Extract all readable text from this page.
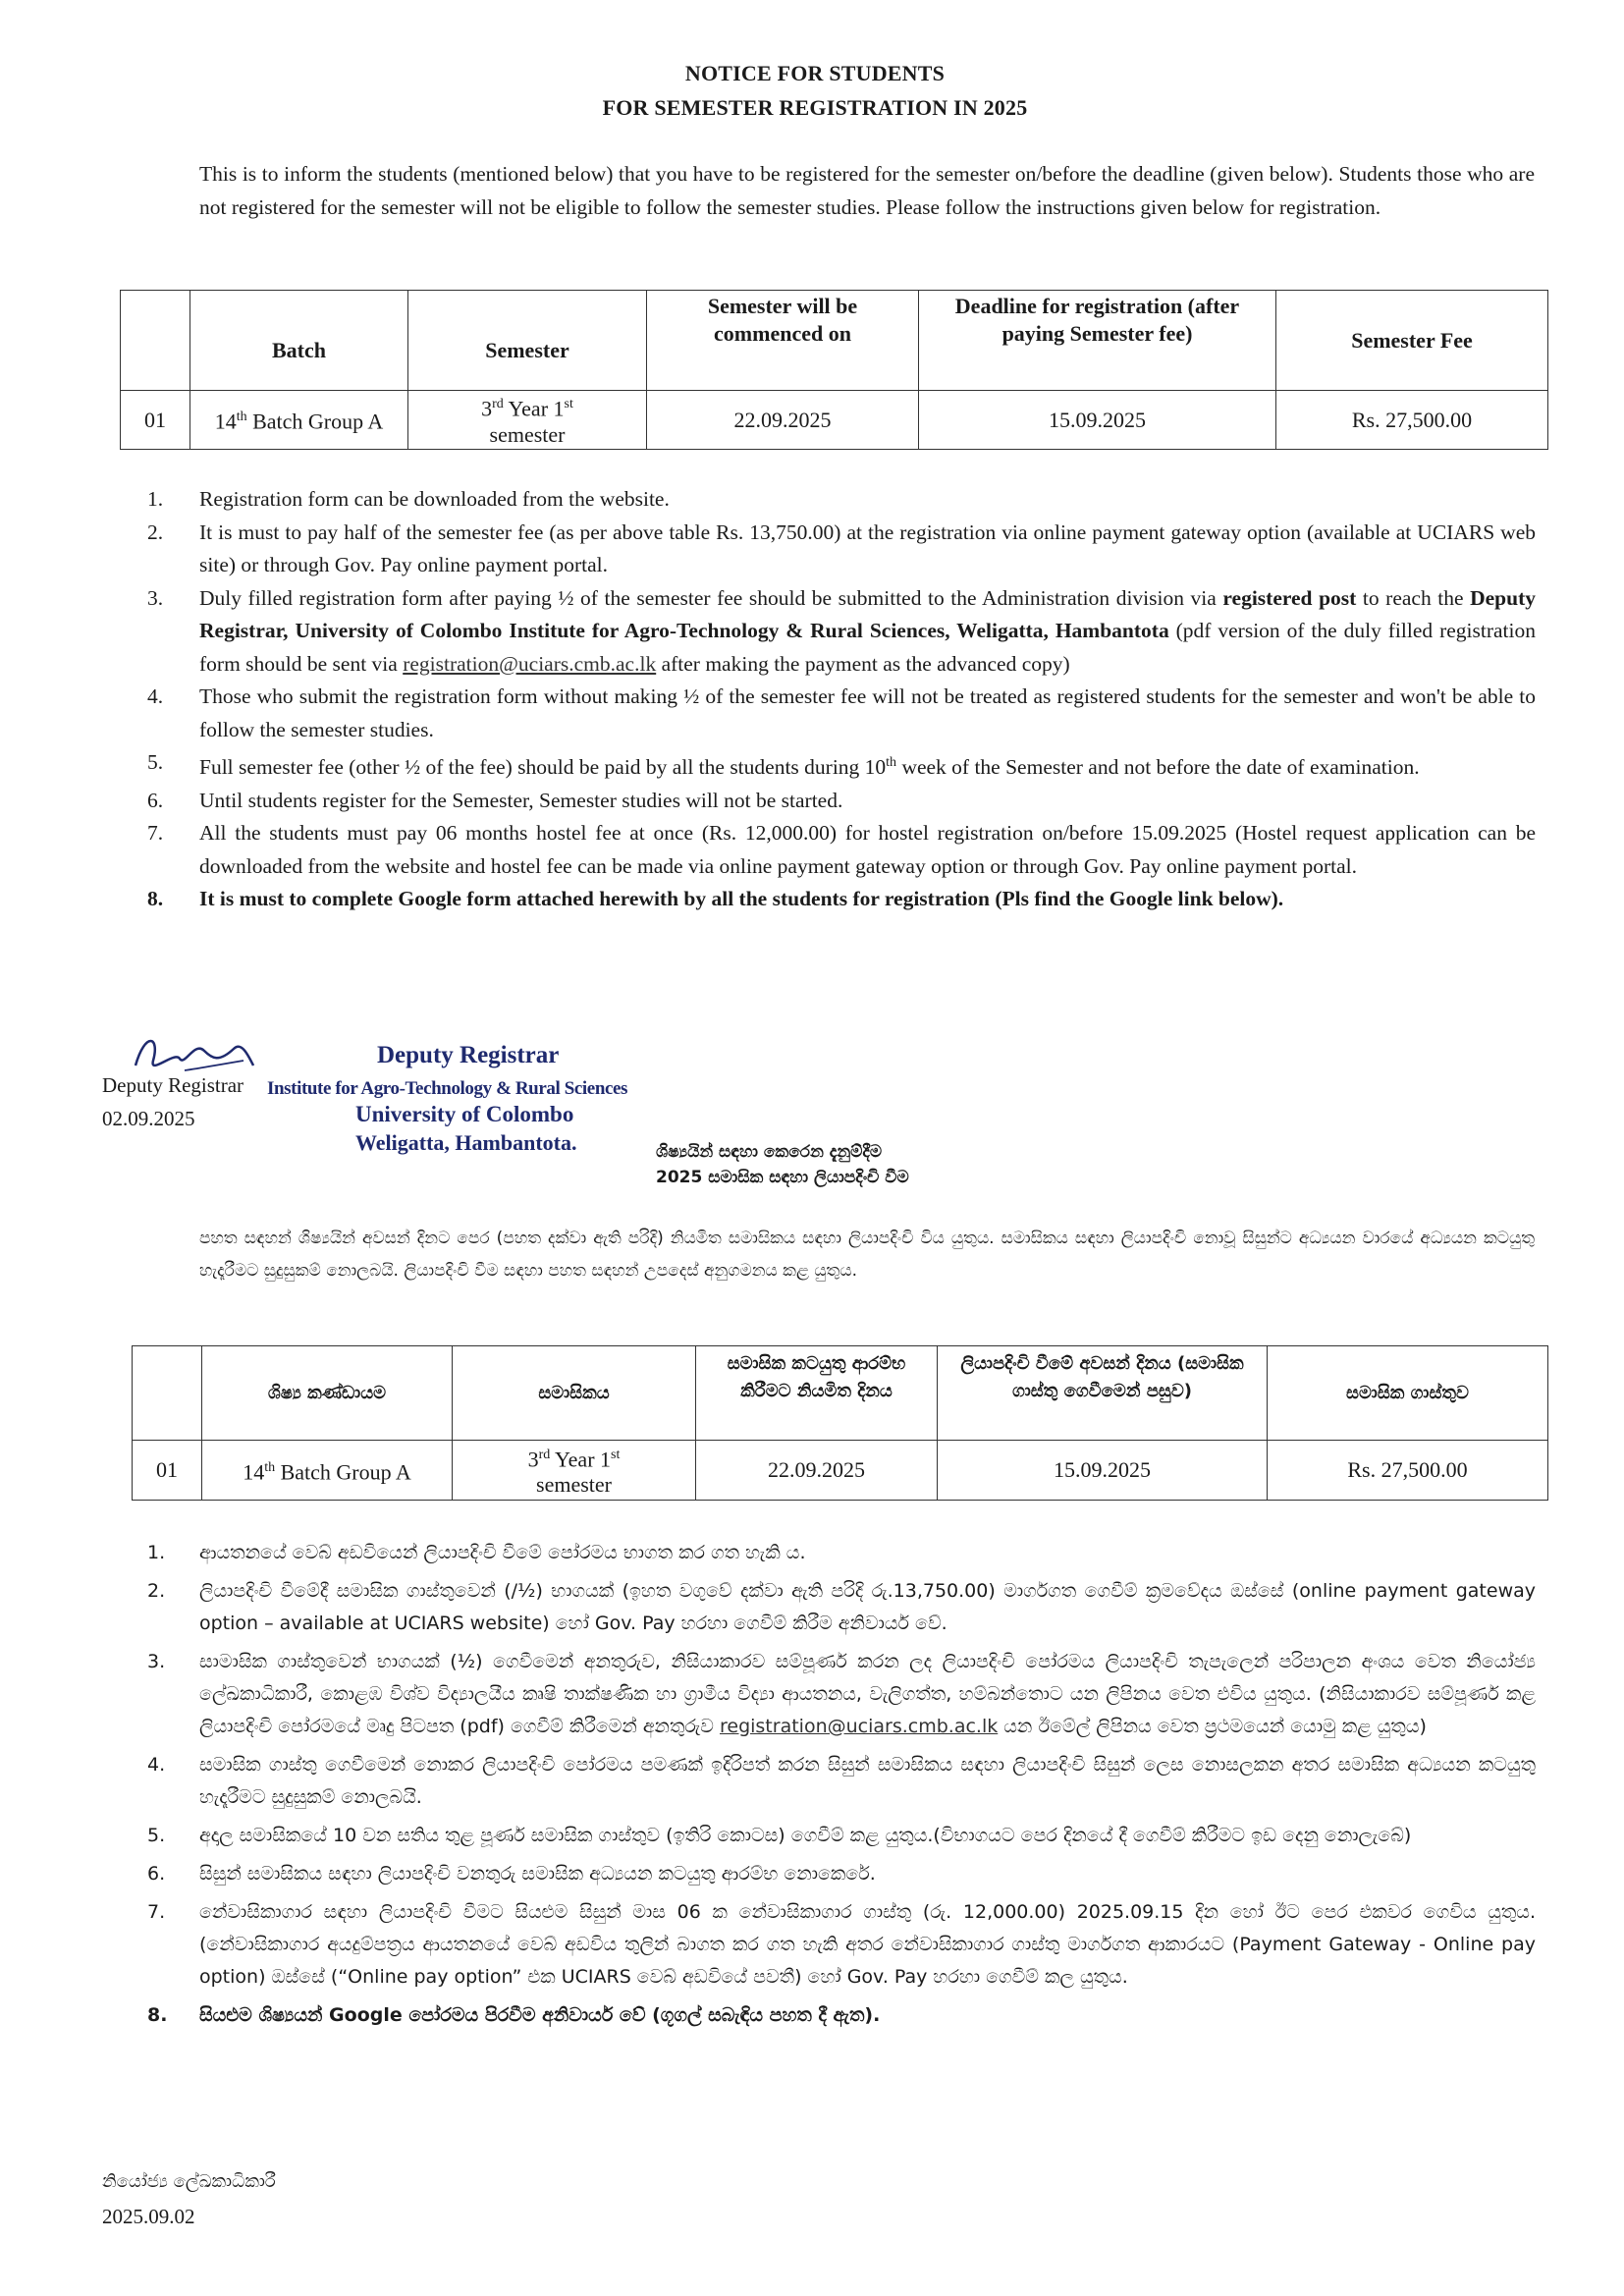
NOTICE FOR STUDENTS
FOR SEMESTER REGISTRATION IN 2025
This is to inform the students (mentioned below) that you have to be registered for the semester on/before the deadline (given below). Students those who are not registered for the semester will not be eligible to follow the semester studies. Please follow the instructions given below for registration.
	Batch	Semester	Semester will be commenced on	Deadline for registration (after paying Semester fee)	Semester Fee
01	14th Batch Group A	3rd Year 1st
semester	22.09.2025	15.09.2025	Rs. 27,500.00
1.	Registration form can be downloaded from the website.
2.	It is must to pay half of the semester fee (as per above table Rs. 13,750.00) at the registration via online payment gateway option (available at UCIARS web site) or through Gov. Pay online payment portal.
3.	Duly filled registration form after paying ½ of the semester fee should be submitted to the Administration division via registered post to reach the Deputy Registrar, University of Colombo Institute for Agro-Technology & Rural Sciences, Weligatta, Hambantota (pdf version of the duly filled registration form should be sent via registration@uciars.cmb.ac.lk after making the payment as the advanced copy)
4.	Those who submit the registration form without making ½ of the semester fee will not be treated as registered students for the semester and won't be able to follow the semester studies.
5.	Full semester fee (other ½ of the fee) should be paid by all the students during 10th week of the Semester and not before the date of examination.
6.	Until students register for the Semester, Semester studies will not be started.
7.	All the students must pay 06 months hostel fee at once (Rs. 12,000.00) for hostel registration on/before 15.09.2025 (Hostel request application can be downloaded from the website and hostel fee can be made via online payment gateway option or through Gov. Pay online payment portal.
8.	It is must to complete Google form attached herewith by all the students for registration (Pls find the Google link below).
Deputy Registrar
Deputy Registrar Institute for Agro-Technology & Rural Sciences
University of Colombo
Weligatta, Hambantota.
02.09.2025
ශිෂ්‍යයින් සඳහා කෙරෙන දැනුම්දීම
2025 සමාසික සඳහා ලියාපදිංචි වීම
පහත සඳහන් ශිෂ්‍යයින් අවසන් දිනට පෙර (පහත දක්වා ඇති පරිදි) නියමිත සමාසිකය සඳහා ලියාපදිංචි විය යුතුය. සමාසිකය සඳහා ලියාපදිංචි නොවූ සිසුන්ට අධ්‍යයන වාරයේ අධ්‍යයන කටයුතු හැදෑරීමට සුදුසුකම් නොලබයි. ලියාපදිංචි වීම සඳහා පහත සඳහන් උපදෙස් අනුගමනය කළ යුතුය.
	ශිෂ්‍ය කණ්ඩායම	සමාසිකය	සමාසික කටයුතු ආරම්භ කිරීමට නියමිත දිනය	ලියාපදිංචි වීමේ අවසන් දිනය (සමාසික ගාස්තු ගෙවීමෙන් පසුව)	සමාසික ගාස්තුව
01	14th Batch Group A	3rd Year 1st
semester	22.09.2025	15.09.2025	Rs. 27,500.00
1.	ආයතනයේ වෙබ් අඩවියෙන් ලියාපදිංචි වීමේ පෝරමය භාගත කර ගත හැකි ය.
2.	ලියාපදිංචි වීමේදී සමාසික ගාස්තුවෙන් (/½) භාගයක් (ඉහත වගුවේ දක්වා ඇති පරිදි රු.13,750.00) මාර්ගගත ගෙවීම් ක්‍රමවේදය ඔස්සේ (online payment gateway option – available at UCIARS website) හෝ Gov. Pay හරහා ගෙවීම් කිරීම අනිවාර්ය වේ.
3.	සාමාසික ගාස්තුවෙන් භාගයක් (½) ගෙවීමෙන් අනතුරුව, නිසියාකාරව සම්පූර්ණ කරන ලද ලියාපදිංචි පෝරමය ලියාපදිංචි තැපැලෙන් පරිපාලන අංශය වෙත නියෝජ්‍ය ලේඛකාධිකාරී, කොළඹ විශ්ව විද්‍යාලයීය කෘෂි තාක්ෂණික හා ග්‍රාමීය විද්‍යා ආයතනය, වැලිගත්ත, හම්බන්තොට යන ලිපිනය වෙත එවිය යුතුය. (නිසියාකාරව සම්පූර්ණ කළ ලියාපදිංචි පෝරමයේ මෘදු පිටපත (pdf) ගෙවීම් කිරීමෙන් අනතුරුව registration@uciars.cmb.ac.lk යන ඊමේල් ලිපිනය වෙත ප්‍රථමයෙන් යොමු කළ යුතුය)
4.	සමාසික ගාස්තු ගෙවීමෙන් නොකර ලියාපදිංචි පෝරමය පමණක් ඉදිරිපත් කරන සිසුන් සමාසිකය සඳහා ලියාපදිංචි සිසුන් ලෙස නොසලකන අතර සමාසික අධ්‍යයන කටයුතු හැදෑරීමට සුදුසුකම් නොලබයි.
5.	අදාල සමාසිකයේ 10 වන සතිය තුළ පූර්ණ සමාසික ගාස්තුව (ඉතිරි කොටස) ගෙවීම් කළ යුතුය.(විභාගයට පෙර දිනයේ දී ගෙවීම් කිරීමට ඉඩ දෙනු නොලැබේ)
6.	සිසුන් සමාසිකය සඳහා ලියාපදිංචි වනතුරු සමාසික අධ්‍යයන කටයුතු ආරම්භ නොකෙරේ.
7.	නේවාසිකාගාර සඳහා ලියාපදිංචි වීමට සියළුම සිසුන් මාස 06 ක නේවාසිකාගාර ගාස්තු (රු. 12,000.00) 2025.09.15 දින හෝ ඊට පෙර එකවර ගෙවිය යුතුය. (නේවාසිකාගාර අයදුම්පත්‍රය ආයතනයේ වෙබ් අඩවිය තුලින් බාගත කර ගත හැකි අතර නේවාසිකාගාර ගාස්තු මාර්ගගත ආකාරයට (Payment Gateway - Online pay option) ඔස්සේ (“Online pay option” එක UCIARS වෙබ් අඩවියේ පවතී) හෝ Gov. Pay හරහා ගෙවීම් කල යුතුය.
8.	සියළුම ශිෂ්‍යයන් Google පෝරමය පිරවීම අනිවාර්ය වේ (ගූගල් සබැඳිය පහත දී ඇත).
නියෝජ්‍ය ලේඛකාධිකාරී
2025.09.02
